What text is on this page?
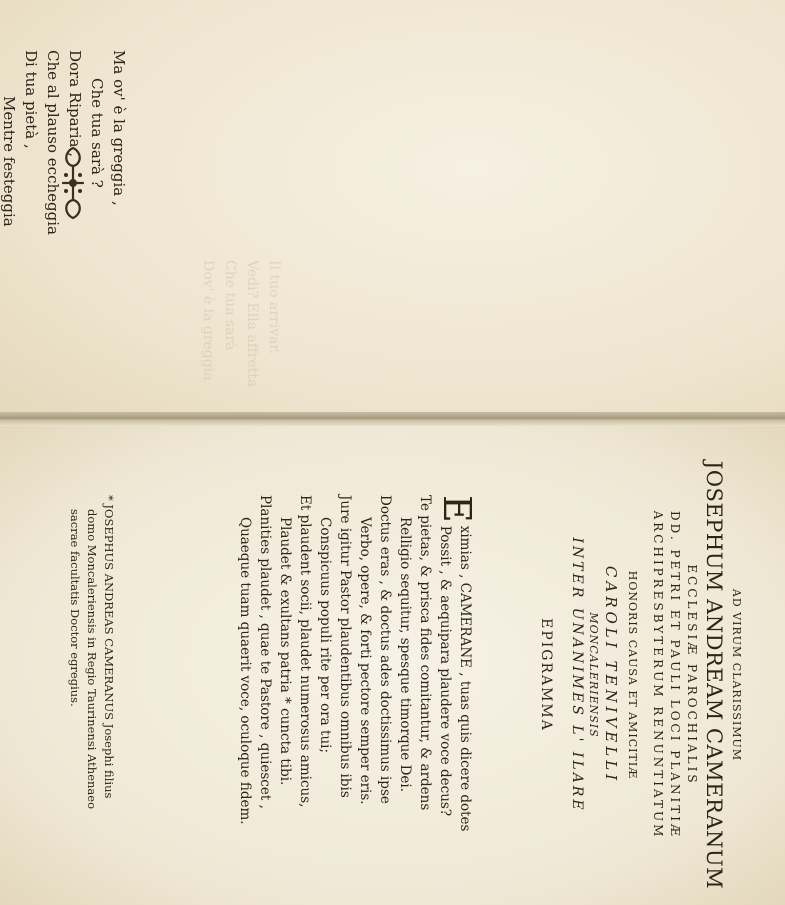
Il tuo arrivar.
Vedi? Ella affretta
Che tua sarà
Dov' è la greggia
Ma ov' è la greggia ,
Che tua sarà ?
Dora Riparia ,
Che al plauso eccheggia
Di tua pietà ,
Mentre festeggia
AD VIRUM CLARISSIMUM
JOSEPHUM ANDREAM CAMERANUM
ECCLESIÆ PAROCHIALIS
DD. PETRI ET PAULI LOCI PLANITIÆ
ARCHIPRESBYTERUM RENUNTIATUM
HONORIS CAUSA ET AMICITIÆ
CAROLI TENIVELLI
MONCALERIENSIS
INTER UNANIMES L' ILARE
EPIGRAMMA
E
ximias , CAMERANE , tuas quis dicere dotes
Possit , & aequipara plaudere voce decus?
Te pietas, & prisca fides comitantur, & ardens
Relligio sequitur, spesque timorque Dei.
Doctus eras , & doctus ades doctissimus ipse
Verbo, opere, & forti pectore semper eris.
Jure igitur Pastor plaudentibus omnibus ibis
Conspicuus populi rite per ora tui;
Et plaudent socii, plaudet numerosus amicus,
Plaudet & exultans patria * cuncta tibi.
Planities plaudet , quae te Pastore , quiescet ,
Quaeque tuam quaerit voce, oculoque fidem.
* JOSEPHUS ANDREAS CAMERANUS Josephi filius
domo Moncaleriensis in Regio Taurinensi Athenaeo
sacrae facultatis Doctor egregius.
